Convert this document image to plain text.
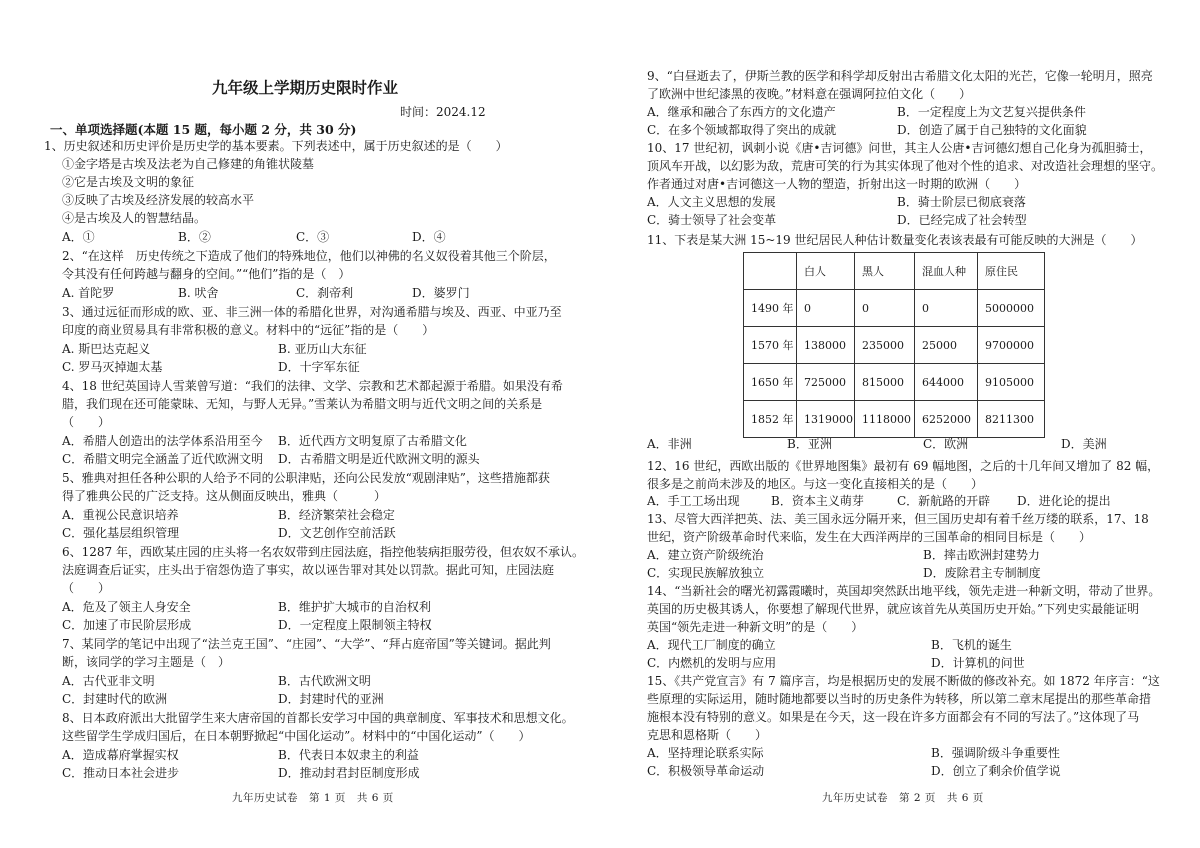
九年级上学期历史限时作业
时间：2024.12
一、单项选择题(本题 15 题，每小题 2 分，共 30 分)
1、历史叙述和历史评价是历史学的基本要素。下列表述中，属于历史叙述的是（　　）
①金字塔是古埃及法老为自己修建的角锥状陵墓
②它是古埃及文明的象征
③反映了古埃及经济发展的较高水平
④是古埃及人的智慧结晶。
A．①	B．②	C．③	D．④
2、“在这样　历史传统之下造成了他们的特殊地位，他们以神佛的名义奴役着其他三个阶层，
令其没有任何跨越与翻身的空间。”“他们”指的是（　）
A. 首陀罗	B. 吠舍	C．刹帝利	D．婆罗门
3、通过远征而形成的欧、亚、非三洲一体的希腊化世界，对沟通希腊与埃及、西亚、中亚乃至
印度的商业贸易具有非常积极的意义。材料中的“远征”指的是（　　）
A. 斯巴达克起义	B. 亚历山大东征
C. 罗马灭掉迦太基	D．十字军东征
4、18 世纪英国诗人雪莱曾写道：“我们的法律、文学、宗教和艺术都起源于希腊。如果没有希
腊，我们现在还可能蒙昧、无知，与野人无异。”雪莱认为希腊文明与近代文明之间的关系是
（　　）
A．希腊人创造出的法学体系沿用至今 B．近代西方文明复原了古希腊文化
C．希腊文明完全涵盖了近代欧洲文明 D．古希腊文明是近代欧洲文明的源头
5、雅典对担任各种公职的人给予不同的公职津贴，还向公民发放“观剧津贴”，这些措施都获
得了雅典公民的广泛支持。这从侧面反映出，雅典（　　　）
A．重视公民意识培养	B．经济繁荣社会稳定
C．强化基层组织管理	D．文艺创作空前活跃
6、1287 年，西欧某庄园的庄头将一名农奴带到庄园法庭，指控他装病拒服劳役，但农奴不承认。
法庭调查后证实，庄头出于宿怨伪造了事实，故以诬告罪对其处以罚款。据此可知，庄园法庭
（　　）
A．危及了领主人身安全	B．维护扩大城市的自治权利
C．加速了市民阶层形成	D．一定程度上限制领主特权
7、某同学的笔记中出现了“法兰克王国”、“庄园”、“大学”、“拜占庭帝国”等关键词。据此判
断，该同学的学习主题是（　）
A．古代亚非文明	B．古代欧洲文明
C．封建时代的欧洲	D．封建时代的亚洲
8、日本政府派出大批留学生来大唐帝国的首都长安学习中国的典章制度、军事技术和思想文化。
这些留学生学成归国后，在日本朝野掀起“中国化运动”。材料中的“中国化运动”（　　）
A．造成幕府掌握实权	B．代表日本奴隶主的利益
C．推动日本社会进步	D．推动封君封臣制度形成
九年历史试卷　第 1 页　共 6 页
9、“白昼逝去了，伊斯兰教的医学和科学却反射出古希腊文化太阳的光芒，它像一轮明月，照亮
了欧洲中世纪漆黑的夜晚。”材料意在强调阿拉伯文化（　　）
A．继承和融合了东西方的文化遗产	B．一定程度上为文艺复兴提供条件
C．在多个领域都取得了突出的成就	D．创造了属于自己独特的文化面貌
10、17 世纪初，讽刺小说《唐•吉诃德》问世，其主人公唐•吉诃德幻想自己化身为孤胆骑士，
顶风车开战，以幻影为敌，荒唐可笑的行为其实体现了他对个性的追求、对改造社会理想的坚守。
作者通过对唐•吉诃德这一人物的塑造，折射出这一时期的欧洲（　　）
A．人文主义思想的发展	B．骑士阶层已彻底衰落
C．骑士领导了社会变革	D．已经完成了社会转型
11、下表是某大洲 15~19 世纪居民人种估计数量变化表该表最有可能反映的大洲是（　　）
	白人	黑人	混血人种	原住民
1490 年	0	0	0	5000000
1570 年	138000	235000	25000	9700000
1650 年	725000	815000	644000	9105000
1852 年	1319000	1118000	6252000	8211300
A．非洲	B．亚洲	C．欧洲	D．美洲
12、16 世纪，西欧出版的《世界地图集》最初有 69 幅地图，之后的十几年间又增加了 82 幅，
很多是之前尚未涉及的地区。与这一变化直接相关的是（　　）
A．手工工场出现	B．资本主义萌芽	C．新航路的开辟 D．进化论的提出
13、尽管大西洋把英、法、美三国永远分隔开来，但三国历史却有着千丝万缕的联系，17、18
世纪，资产阶级革命时代来临，发生在大西洋两岸的三国革命的相同目标是（　　）
A．建立资产阶级统治	B．摔击欧洲封建势力
C．实现民族解放独立	D．废除君主专制制度
14、“当新社会的曙光初露霞曦时，英国却突然跃出地平线，领先走进一种新文明，带动了世界。
英国的历史极其诱人，你要想了解现代世界，就应该首先从英国历史开始。”下列史实最能证明
英国“领先走进一种新文明”的是（　　）
A．现代工厂制度的确立	B．飞机的诞生
C．内燃机的发明与应用	D．计算机的问世
15、《共产党宣言》有 7 篇序言，均是根据历史的发展不断做的修改补充。如 1872 年序言：“这
些原理的实际运用，随时随地都要以当时的历史条件为转移，所以第二章末尾提出的那些革命措
施根本没有特别的意义。如果是在今天，这一段在许多方面都会有不同的写法了。”这体现了马
克思和恩格斯（　　）
A．坚持理论联系实际	B．强调阶级斗争重要性
C．积极领导革命运动	D．创立了剩余价值学说
九年历史试卷　第 2 页　共 6 页
